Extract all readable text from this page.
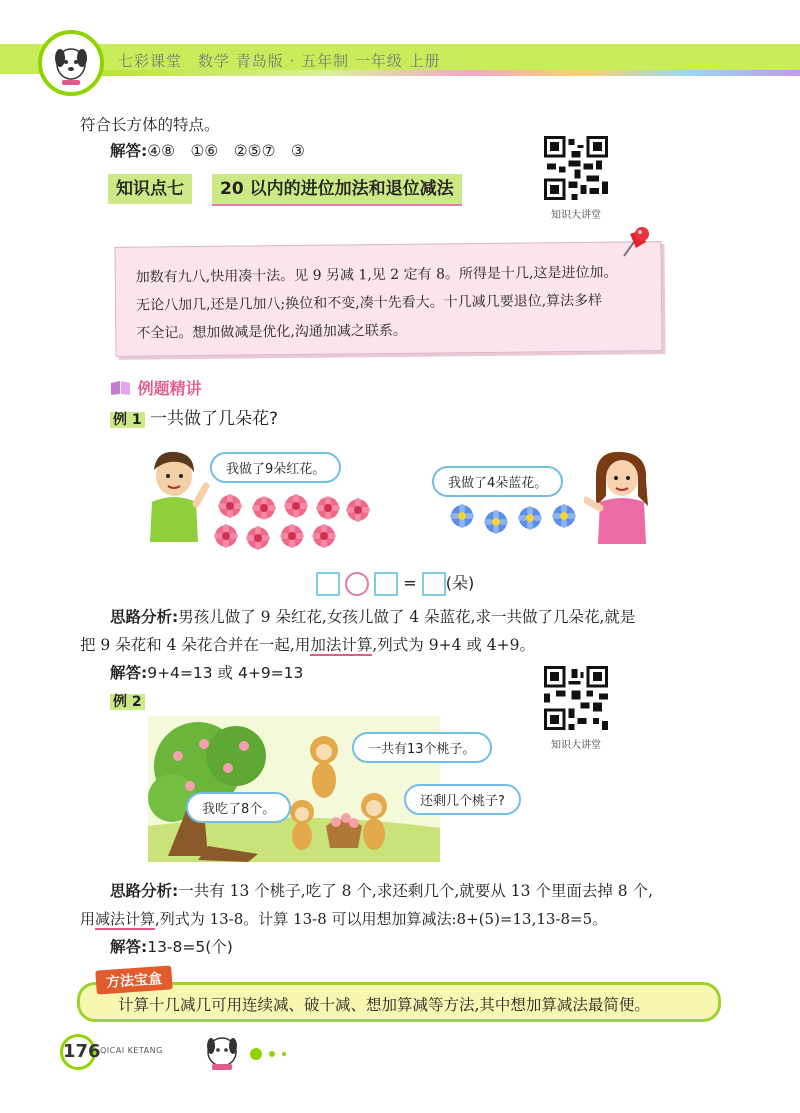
七彩课堂　数学 青岛版 · 五年制 一年级 上册
符合长方体的特点。
解答:④⑧　①⑥　②⑤⑦　③
知识大讲堂
知识点七	20 以内的进位加法和退位减法
加数有九八,快用凑十法。见 9 另减 1,见 2 定有 8。所得是十几,这是进位加。
无论八加几,还是几加八;换位和不变,凑十先看大。十几减几要退位,算法多样
不全记。想加做减是优化,沟通加减之联系。
例题精讲
例 1 一共做了几朵花?
我做了9朵红花。
我做了4朵蓝花。
= (朵)
思路分析:男孩儿做了 9 朵红花,女孩儿做了 4 朵蓝花,求一共做了几朵花,就是
把 9 朵花和 4 朵花合并在一起,用加法计算,列式为 9+4 或 4+9。
解答:9+4=13 或 4+9=13
知识大讲堂
例 2
一共有13个桃子。
我吃了8个。
还剩几个桃子?
思路分析:一共有 13 个桃子,吃了 8 个,求还剩几个,就要从 13 个里面去掉 8 个,
用减法计算,列式为 13-8。计算 13-8 可以用想加算减法:8+(5)=13,13-8=5。
解答:13-8=5(个)
计算十几减几可用连续减、破十减、想加算减等方法,其中想加算减法最简便。
方法宝盒
176 QICAI KETANG
